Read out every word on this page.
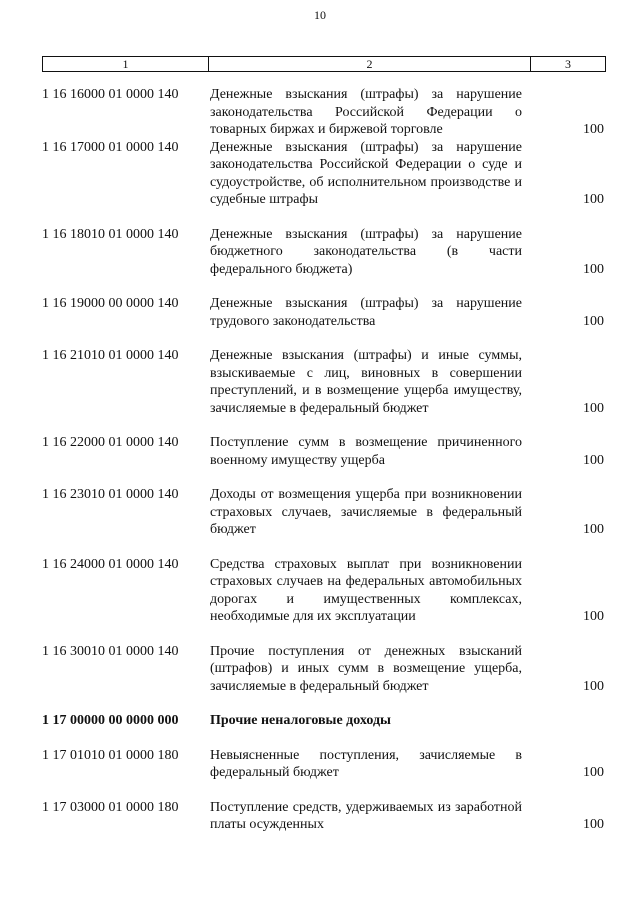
10
1	2	3
1 16 16000 01 0000 140	Денежные взыскания (штрафы) за нарушение законодательства Российской Федерации о товарных биржах и биржевой торговле	100
1 16 17000 01 0000 140	Денежные взыскания (штрафы) за нарушение законодательства Российской Федерации о суде и судоустройстве, об исполнительном производстве и судебные штрафы	100
1 16 18010 01 0000 140	Денежные взыскания (штрафы) за нарушение бюджетного законодательства (в части федерального бюджета)	100
1 16 19000 00 0000 140	Денежные взыскания (штрафы) за нарушение трудового законодательства	100
1 16 21010 01 0000 140	Денежные взыскания (штрафы) и иные суммы, взыскиваемые с лиц, виновных в совершении преступлений, и в возмещение ущерба имуществу, зачисляемые в федеральный бюджет	100
1 16 22000 01 0000 140	Поступление сумм в возмещение причиненного военному имуществу ущерба	100
1 16 23010 01 0000 140	Доходы от возмещения ущерба при возникновении страховых случаев, зачисляемые в федеральный бюджет	100
1 16 24000 01 0000 140	Средства страховых выплат при возникновении страховых случаев на федеральных автомобильных дорогах и имущественных комплексах, необходимые для их эксплуатации	100
1 16 30010 01 0000 140	Прочие поступления от денежных взысканий (штрафов) и иных сумм в возмещение ущерба, зачисляемые в федеральный бюджет	100
1 17 00000 00 0000 000	Прочие неналоговые доходы
1 17 01010 01 0000 180	Невыясненные поступления, зачисляемые в федеральный бюджет	100
1 17 03000 01 0000 180	Поступление средств, удерживаемых из заработной платы осужденных	100
